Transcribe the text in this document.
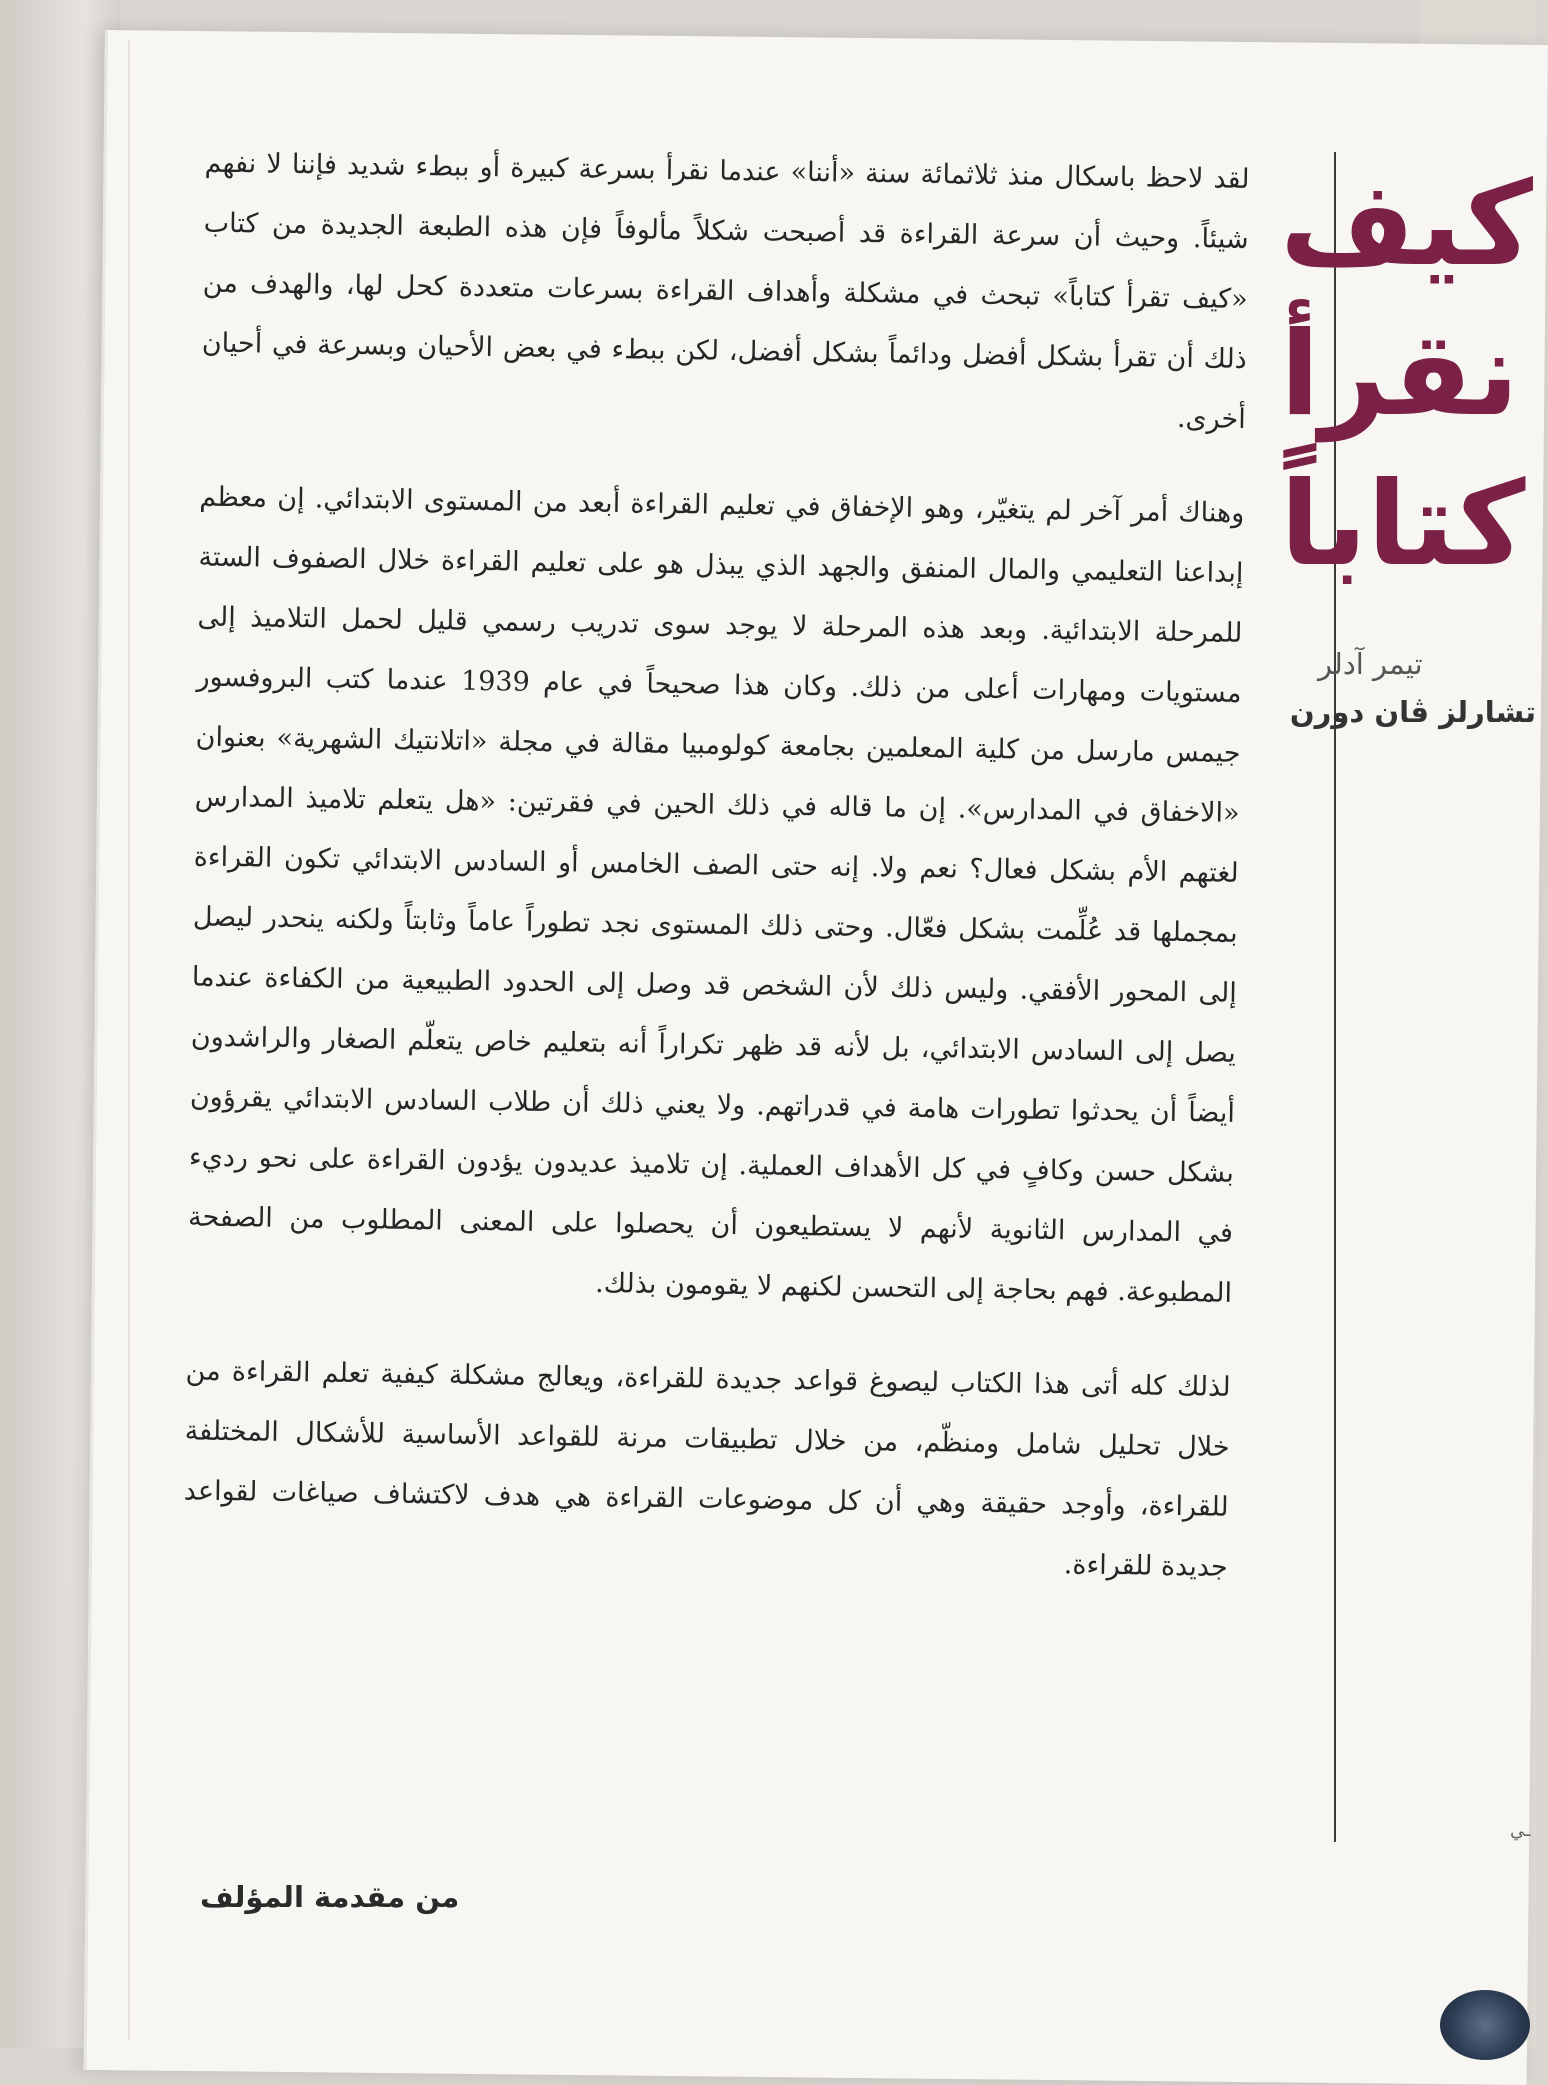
لقد لاحظ باسكال منذ ثلاثمائة سنة «أننا» عندما نقرأ بسرعة كبيرة أو ببطء شديد فإننا لا نفهم شيئاً. وحيث أن سرعة القراءة قد أصبحت شكلاً مألوفاً فإن هذه الطبعة الجديدة من كتاب «كيف تقرأ كتاباً» تبحث في مشكلة وأهداف القراءة بسرعات متعددة كحل لها، والهدف من ذلك أن تقرأ بشكل أفضل ودائماً بشكل أفضل، لكن ببطء في بعض الأحيان وبسرعة في أحيان أخرى.

وهناك أمر آخر لم يتغيّر، وهو الإخفاق في تعليم القراءة أبعد من المستوى الابتدائي. إن معظم إبداعنا التعليمي والمال المنفق والجهد الذي يبذل هو على تعليم القراءة خلال الصفوف الستة للمرحلة الابتدائية. وبعد هذه المرحلة لا يوجد سوى تدريب رسمي قليل لحمل التلاميذ إلى مستويات ومهارات أعلى من ذلك. وكان هذا صحيحاً في عام 1939 عندما كتب البروفسور جيمس مارسل من كلية المعلمين بجامعة كولومبيا مقالة في مجلة «اتلانتيك الشهرية» بعنوان «الاخفاق في المدارس». إن ما قاله في ذلك الحين في فقرتين: «هل يتعلم تلاميذ المدارس لغتهم الأم بشكل فعال؟ نعم ولا. إنه حتى الصف الخامس أو السادس الابتدائي تكون القراءة بمجملها قد عُلِّمت بشكل فعّال. وحتى ذلك المستوى نجد تطوراً عاماً وثابتاً ولكنه ينحدر ليصل إلى المحور الأفقي. وليس ذلك لأن الشخص قد وصل إلى الحدود الطبيعية من الكفاءة عندما يصل إلى السادس الابتدائي، بل لأنه قد ظهر تكراراً أنه بتعليم خاص يتعلّم الصغار والراشدون أيضاً أن يحدثوا تطورات هامة في قدراتهم. ولا يعني ذلك أن طلاب السادس الابتدائي يقرؤون بشكل حسن وكافٍ في كل الأهداف العملية. إن تلاميذ عديدون يؤدون القراءة على نحو رديء في المدارس الثانوية لأنهم لا يستطيعون أن يحصلوا على المعنى المطلوب من الصفحة المطبوعة. فهم بحاجة إلى التحسن لكنهم لا يقومون بذلك.

لذلك كله أتى هذا الكتاب ليصوغ قواعد جديدة للقراءة، ويعالج مشكلة كيفية تعلم القراءة من خلال تحليل شامل ومنظّم، من خلال تطبيقات مرنة للقواعد الأساسية للأشكال المختلفة للقراءة، وأوجد حقيقة وهي أن كل موضوعات القراءة هي هدف لاكتشاف صياغات لقواعد جديدة للقراءة.

من مقدمة المؤلف
كيف
نقرأ
كتاباً
تيمر آدلر
تشارلز ڤان دورن
ـي
